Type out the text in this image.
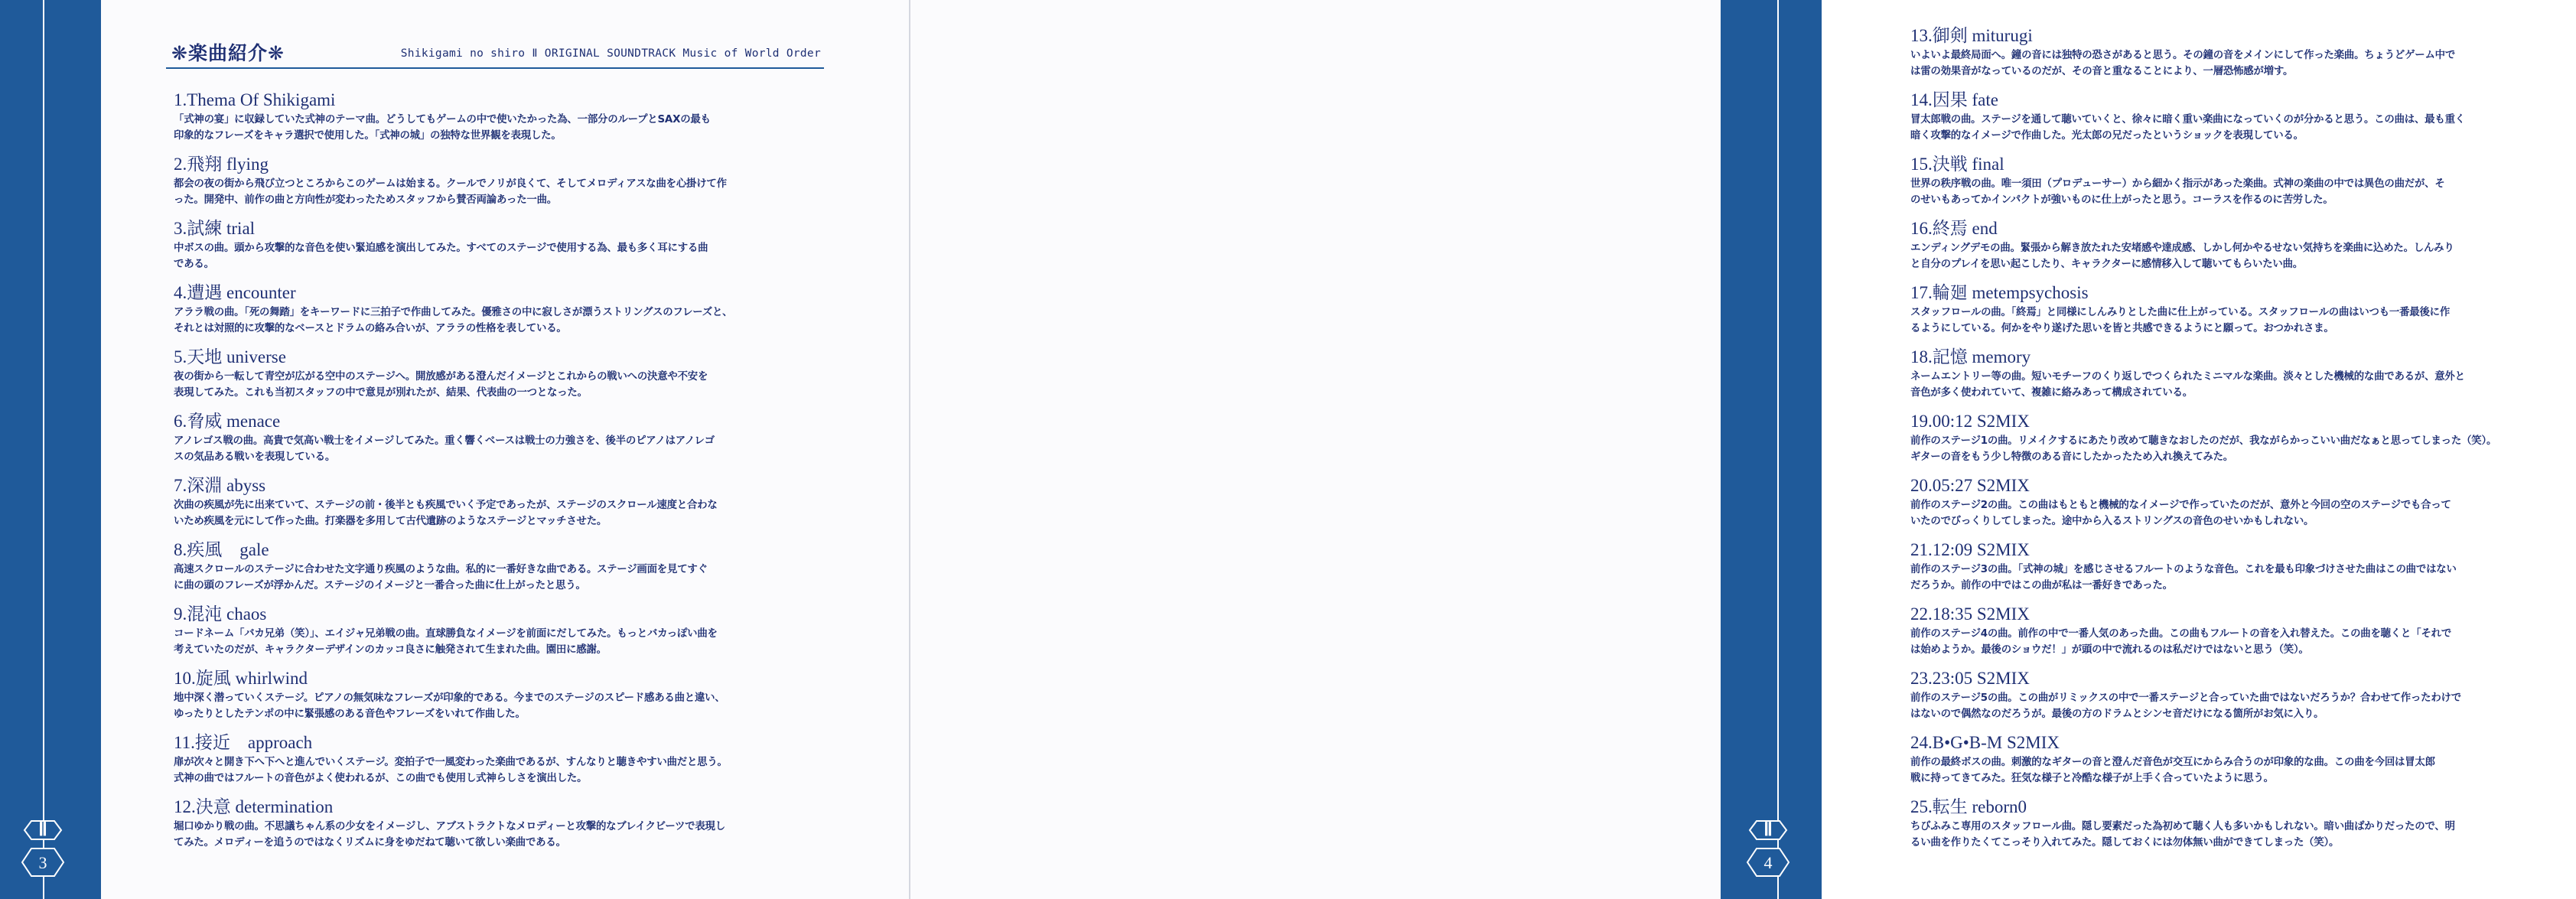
Ⅱ
3
❋楽曲紹介❋	Shikigami no shiro Ⅱ ORIGINAL SOUNDTRACK Music of World Order
1.Thema Of Shikigami
「式神の宴」に収録していた式神のテーマ曲。どうしてもゲームの中で使いたかった為、一部分のループとSAXの最も
印象的なフレーズをキャラ選択で使用した。「式神の城」の独特な世界観を表現した。
2.飛翔 flying
都会の夜の街から飛び立つところからこのゲームは始まる。クールでノリが良くて、そしてメロディアスな曲を心掛けて作
った。開発中、前作の曲と方向性が変わったためスタッフから賛否両論あった一曲。
3.試練 trial
中ボスの曲。頭から攻撃的な音色を使い緊迫感を演出してみた。すべてのステージで使用する為、最も多く耳にする曲
である。
4.遭遇 encounter
アララ戦の曲。「死の舞踏」をキーワードに三拍子で作曲してみた。優雅さの中に寂しさが漂うストリングスのフレーズと、
それとは対照的に攻撃的なベースとドラムの絡み合いが、アララの性格を表している。
5.天地 universe
夜の街から一転して青空が広がる空中のステージへ。開放感がある澄んだイメージとこれからの戦いへの決意や不安を
表現してみた。これも当初スタッフの中で意見が別れたが、結果、代表曲の一つとなった。
6.脅威 menace
アノレゴス戦の曲。高貴で気高い戦士をイメージしてみた。重く響くベースは戦士の力強さを、後半のピアノはアノレゴ
スの気品ある戦いを表現している。
7.深淵 abyss
次曲の疾風が先に出来ていて、ステージの前・後半とも疾風でいく予定であったが、ステージのスクロール速度と合わな
いため疾風を元にして作った曲。打楽器を多用して古代遺跡のようなステージとマッチさせた。
8.疾風　gale
高速スクロールのステージに合わせた文字通り疾風のような曲。私的に一番好きな曲である。ステージ画面を見てすぐ
に曲の頭のフレーズが浮かんだ。ステージのイメージと一番合った曲に仕上がったと思う。
9.混沌 chaos
コードネーム「バカ兄弟（笑）」、エイジャ兄弟戦の曲。直球勝負なイメージを前面にだしてみた。もっとバカっぽい曲を
考えていたのだが、キャラクターデザインのカッコ良さに触発されて生まれた曲。園田に感謝。
10.旋風 whirlwind
地中深く潜っていくステージ。ピアノの無気味なフレーズが印象的である。今までのステージのスピード感ある曲と違い、
ゆったりとしたテンポの中に緊張感のある音色やフレーズをいれて作曲した。
11.接近　approach
扉が次々と開き下へ下へと進んでいくステージ。変拍子で一風変わった楽曲であるが、すんなりと聴きやすい曲だと思う。
式神の曲ではフルートの音色がよく使われるが、この曲でも使用し式神らしさを演出した。
12.決意 determination
堀口ゆかり戦の曲。不思議ちゃん系の少女をイメージし、アブストラクトなメロディーと攻撃的なブレイクビーツで表現し
てみた。メロディーを追うのではなくリズムに身をゆだねて聴いて欲しい楽曲である。
13.御剣 miturugi
いよいよ最終局面へ。鐘の音には独特の恐さがあると思う。その鐘の音をメインにして作った楽曲。ちょうどゲーム中で
は雷の効果音がなっているのだが、その音と重なることにより、一層恐怖感が増す。
14.因果 fate
冒太郎戦の曲。ステージを通して聴いていくと、徐々に暗く重い楽曲になっていくのが分かると思う。この曲は、最も重く
暗く攻撃的なイメージで作曲した。光太郎の兄だったというショックを表現している。
15.決戦 final
世界の秩序戦の曲。唯一須田（プロデューサー）から細かく指示があった楽曲。式神の楽曲の中では異色の曲だが、そ
のせいもあってかインパクトが強いものに仕上がったと思う。コーラスを作るのに苦労した。
16.終焉 end
エンディングデモの曲。緊張から解き放たれた安堵感や達成感、しかし何かやるせない気持ちを楽曲に込めた。しんみり
と自分のプレイを思い起こしたり、キャラクターに感情移入して聴いてもらいたい曲。
17.輪廻 metempsychosis
スタッフロールの曲。「終焉」と同様にしんみりとした曲に仕上がっている。スタッフロールの曲はいつも一番最後に作
るようにしている。何かをやり遂げた思いを皆と共感できるようにと願って。おつかれさま。
18.記憶 memory
ネームエントリー等の曲。短いモチーフのくり返しでつくられたミニマルな楽曲。淡々とした機械的な曲であるが、意外と
音色が多く使われていて、複雑に絡みあって構成されている。
19.00:12 S2MIX
前作のステージ1の曲。リメイクするにあたり改めて聴きなおしたのだが、我ながらかっこいい曲だなぁと思ってしまった（笑）。
ギターの音をもう少し特徴のある音にしたかったため入れ換えてみた。
20.05:27 S2MIX
前作のステージ2の曲。この曲はもともと機械的なイメージで作っていたのだが、意外と今回の空のステージでも合って
いたのでびっくりしてしまった。途中から入るストリングスの音色のせいかもしれない。
21.12:09 S2MIX
前作のステージ3の曲。「式神の城」を感じさせるフルートのような音色。これを最も印象づけさせた曲はこの曲ではない
だろうか。前作の中ではこの曲が私は一番好きであった。
22.18:35 S2MIX
前作のステージ4の曲。前作の中で一番人気のあった曲。この曲もフルートの音を入れ替えた。この曲を聴くと「それで
は始めようか。最後のショウだ！」が頭の中で流れるのは私だけではないと思う（笑）。
23.23:05 S2MIX
前作のステージ5の曲。この曲がリミックスの中で一番ステージと合っていた曲ではないだろうか？合わせて作ったわけで
はないので偶然なのだろうが。最後の方のドラムとシンセ音だけになる箇所がお気に入り。
24.B•G•B-M S2MIX
前作の最終ボスの曲。刺激的なギターの音と澄んだ音色が交互にからみ合うのが印象的な曲。この曲を今回は冒太郎
戦に持ってきてみた。狂気な様子と冷酷な様子が上手く合っていたように思う。
25.転生 reborn0
ちびふみこ専用のスタッフロール曲。隠し要素だった為初めて聴く人も多いかもしれない。暗い曲ばかりだったので、明
るい曲を作りたくてこっそり入れてみた。隠しておくには勿体無い曲ができてしまった（笑）。
Ⅱ
4
